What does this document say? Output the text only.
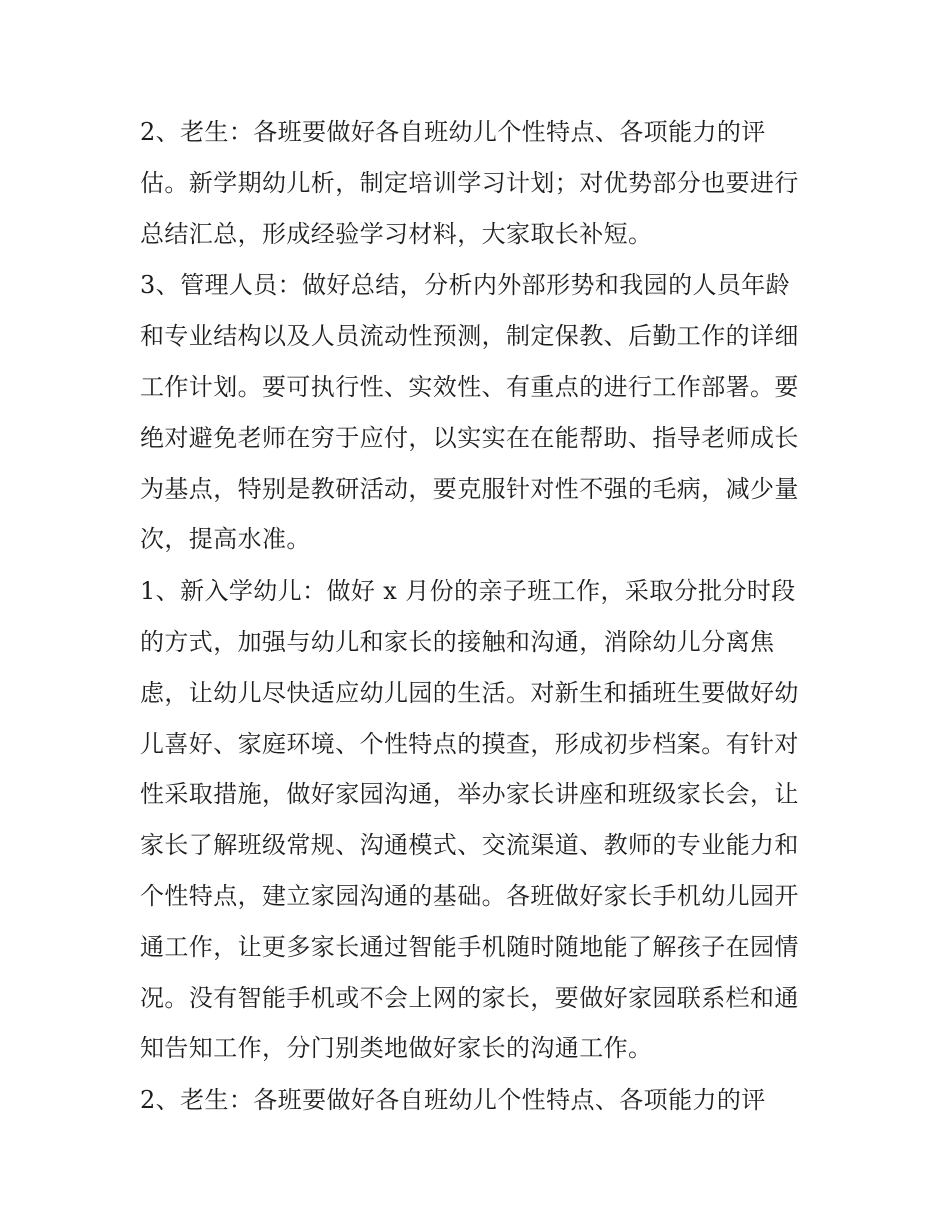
2、老生：各班要做好各自班幼儿个性特点、各项能力的评
估。新学期幼儿析，制定培训学习计划；对优势部分也要进行
总结汇总，形成经验学习材料，大家取长补短。

3、管理人员：做好总结，分析内外部形势和我园的人员年龄
和专业结构以及人员流动性预测，制定保教、后勤工作的详细
工作计划。要可执行性、实效性、有重点的进行工作部署。要
绝对避免老师在穷于应付，以实实在在能帮助、指导老师成长
为基点，特别是教研活动，要克服针对性不强的毛病，减少量
次，提高水准。

1、新入学幼儿：做好 x 月份的亲子班工作，采取分批分时段
的方式，加强与幼儿和家长的接触和沟通，消除幼儿分离焦
虑，让幼儿尽快适应幼儿园的生活。对新生和插班生要做好幼
儿喜好、家庭环境、个性特点的摸查，形成初步档案。有针对
性采取措施，做好家园沟通，举办家长讲座和班级家长会，让
家长了解班级常规、沟通模式、交流渠道、教师的专业能力和
个性特点，建立家园沟通的基础。各班做好家长手机幼儿园开
通工作，让更多家长通过智能手机随时随地能了解孩子在园情
况。没有智能手机或不会上网的家长，要做好家园联系栏和通
知告知工作，分门别类地做好家长的沟通工作。

2、老生：各班要做好各自班幼儿个性特点、各项能力的评
